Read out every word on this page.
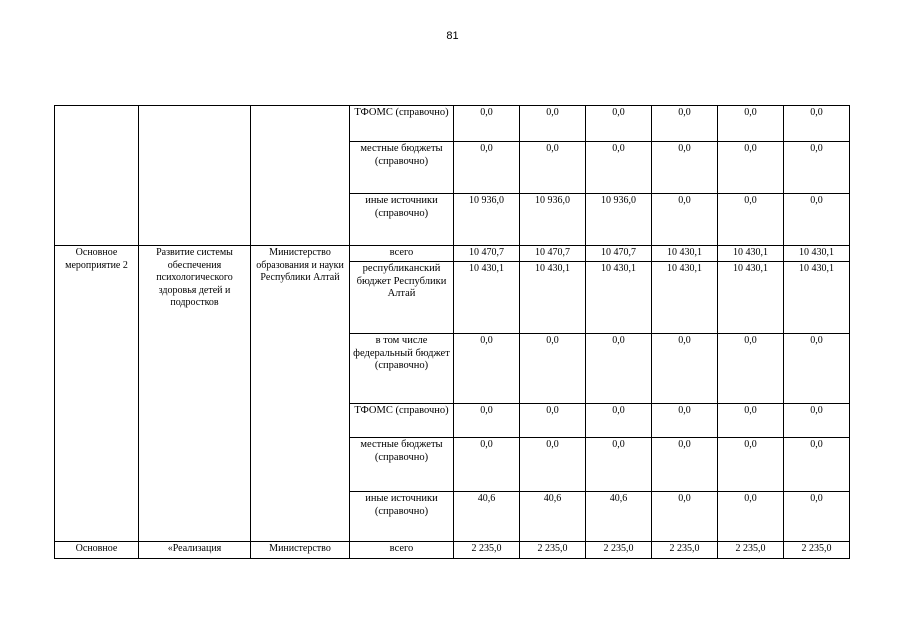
81
			ТФОМС (справочно)	0,0	0,0	0,0	0,0	0,0	0,0
			местные бюджеты (справочно)	0,0	0,0	0,0	0,0	0,0	0,0
			иные источники (справочно)	10 936,0	10 936,0	10 936,0	0,0	0,0	0,0
Основное мероприятие 2	Развитие системы обеспечения психологического здоровья детей и подростков	Министерство образования и науки Республики Алтай	всего	10 470,7	10 470,7	10 470,7	10 430,1	10 430,1	10 430,1
			республиканский бюджет Республики Алтай	10 430,1	10 430,1	10 430,1	10 430,1	10 430,1	10 430,1
			в том числе федеральный бюджет (справочно)	0,0	0,0	0,0	0,0	0,0	0,0
			ТФОМС (справочно)	0,0	0,0	0,0	0,0	0,0	0,0
			местные бюджеты (справочно)	0,0	0,0	0,0	0,0	0,0	0,0
			иные источники (справочно)	40,6	40,6	40,6	0,0	0,0	0,0
Основное	«Реализация	Министерство	всего	2 235,0	2 235,0	2 235,0	2 235,0	2 235,0	2 235,0
